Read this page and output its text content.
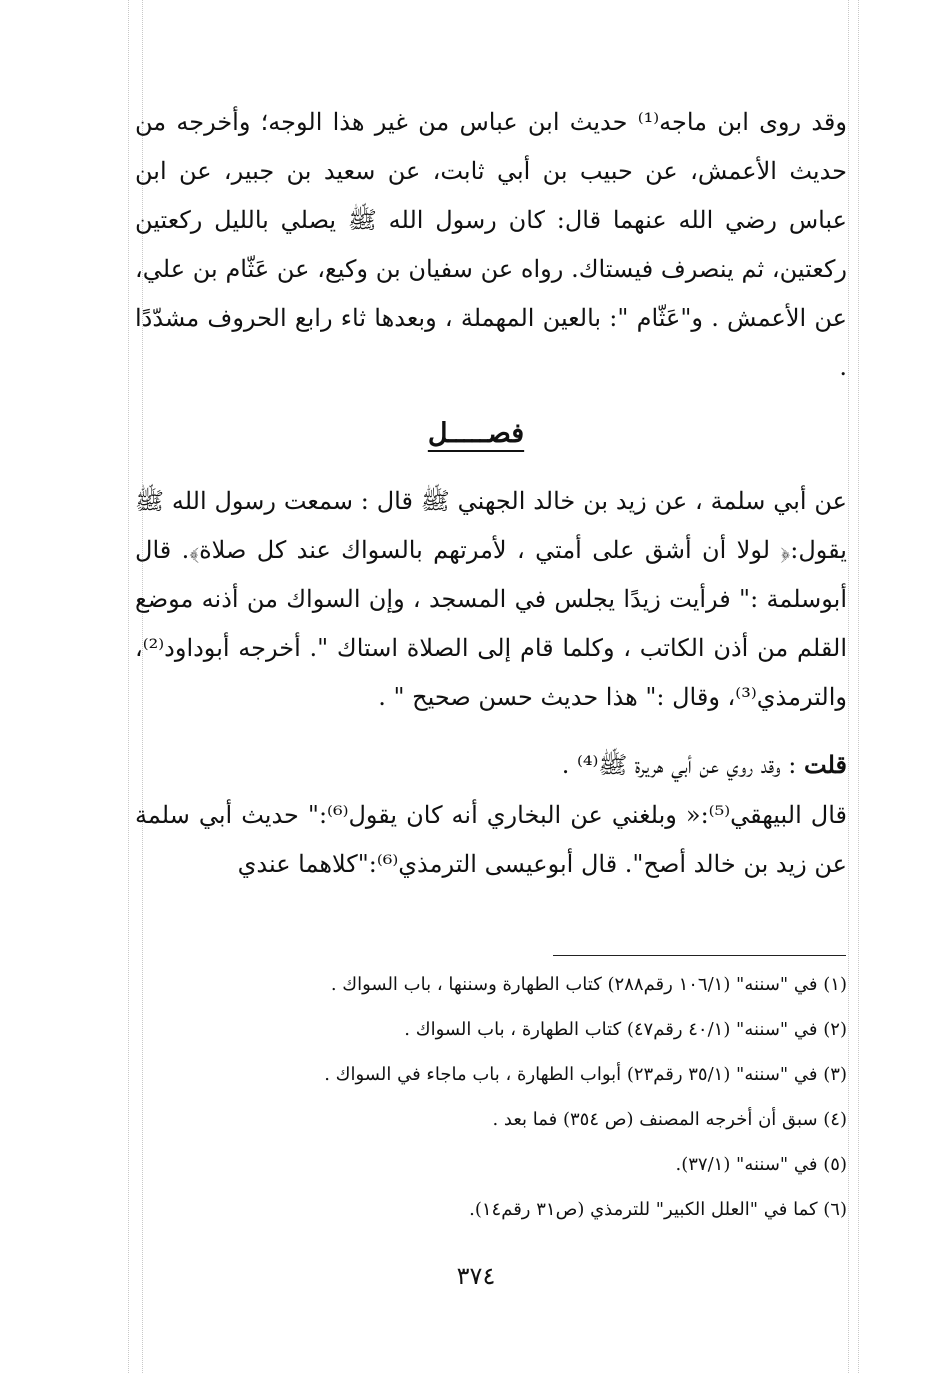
وقد روى ابن ماجه⁽¹⁾ حديث ابن عباس من غير هذا الوجه؛ وأخرجه من حديث الأعمش، عن حبيب بن أبي ثابت، عن سعيد بن جبير، عن ابن عباس رضي الله عنهما قال: كان رسول الله ﷺ يصلي بالليل ركعتين ركعتين، ثم ينصرف فيستاك. رواه عن سفيان بن وكيع، عن عَثّام بن علي، عن الأعمش . و"عَثّام ": بالعين المهملة ، وبعدها ثاء رابع الحروف مشدّدًا .

فصـــــل

عن أبي سلمة ، عن زيد بن خالد الجهني ﷺ قال : سمعت رسول الله ﷺ يقول:﴿ لولا أن أشق على أمتي ، لأمرتهم بالسواك عند كل صلاة﴾. قال أبوسلمة :" فرأيت زيدًا يجلس في المسجد ، وإن السواك من أذنه موضع القلم من أذن الكاتب ، وكلما قام إلى الصلاة استاك ". أخرجه أبوداود⁽²⁾، والترمذي⁽³⁾، وقال :" هذا حديث حسن صحيح " .

قلت : وقد روي عن أبي هريرة ﷺ⁽⁴⁾ .

قال البيهقي⁽⁵⁾:« وبلغني عن البخاري أنه كان يقول⁽⁶⁾:" حديث أبي سلمة عن زيد بن خالد أصح". قال أبوعيسى الترمذي⁽⁶⁾:"كلاهما عندي

(١) في "سننه" (١٠٦/١ رقم٢٨٨) كتاب الطهارة وسننها ، باب السواك .
(٢) في "سننه" (٤٠/١ رقم٤٧) كتاب الطهارة ، باب السواك .
(٣) في "سننه" (٣٥/١ رقم٢٣) أبواب الطهارة ، باب ماجاء في السواك .
(٤) سبق أن أخرجه المصنف (ص ٣٥٤) فما بعد .
(٥) في "سننه" (٣٧/١).
(٦) كما في "العلل الكبير" للترمذي (ص٣١ رقم١٤).
٣٧٤
